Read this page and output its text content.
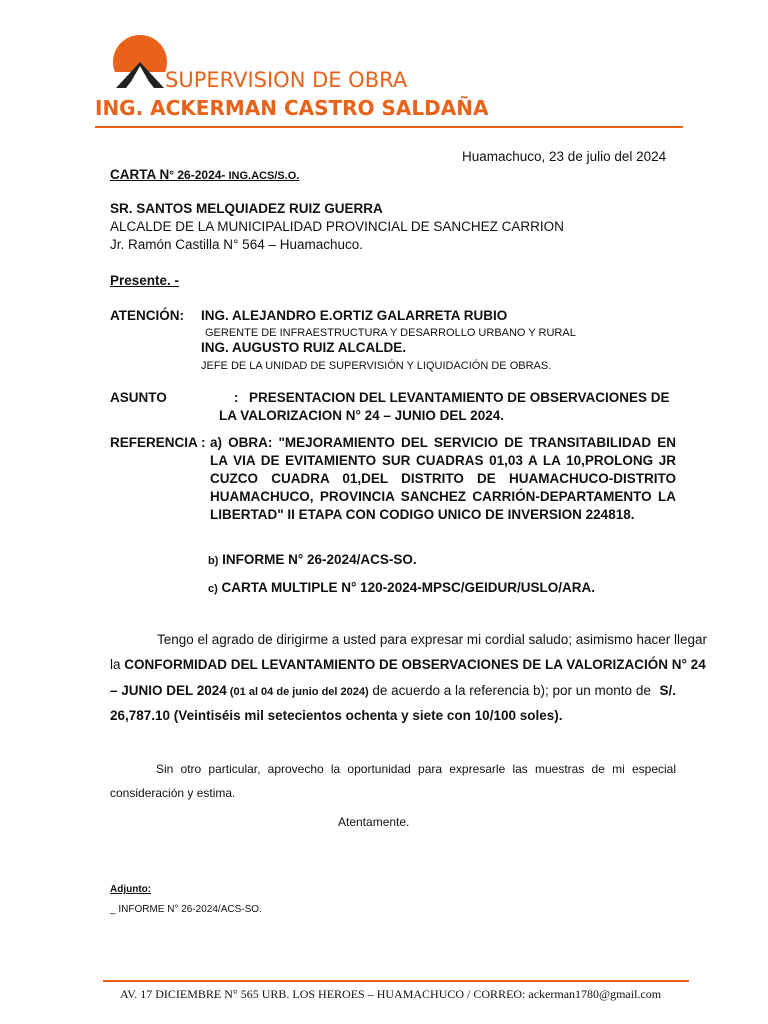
SUPERVISION DE OBRA
ING. ACKERMAN CASTRO SALDAÑA
Huamachuco, 23 de julio del 2024
CARTA N° 26-2024- ING.ACS/S.O.
SR. SANTOS MELQUIADEZ RUIZ GUERRA
ALCALDE DE LA MUNICIPALIDAD PROVINCIAL DE SANCHEZ CARRION
Jr. Ramón Castilla N° 564 – Huamachuco.
Presente. -
ATENCIÓN: ING. ALEJANDRO E.ORTIZ GALARRETA RUBIO
GERENTE DE INFRAESTRUCTURA Y DESARROLLO URBANO Y RURAL
ING. AUGUSTO RUIZ ALCALDE.
JEFE DE LA UNIDAD DE SUPERVISIÓN Y LIQUIDACIÓN DE OBRAS.
ASUNTO	: PRESENTACION DEL LEVANTAMIENTO DE OBSERVACIONES DE
LA VALORIZACION N° 24 – JUNIO DEL 2024.
REFERENCIA : a) OBRA: "MEJORAMIENTO DEL SERVICIO DE TRANSITABILIDAD EN LA VIA DE EVITAMIENTO SUR CUADRAS 01,03 A LA 10,PROLONG JR CUZCO CUADRA 01,DEL DISTRITO DE HUAMACHUCO-DISTRITO HUAMACHUCO, PROVINCIA SANCHEZ CARRIÓN-DEPARTAMENTO LA LIBERTAD" II ETAPA CON CODIGO UNICO DE INVERSION 224818.
b) INFORME N° 26-2024/ACS-SO.
c) CARTA MULTIPLE N° 120-2024-MPSC/GEIDUR/USLO/ARA.
Tengo el agrado de dirigirme a usted para expresar mi cordial saludo; asimismo hacer llegar
la CONFORMIDAD DEL LEVANTAMIENTO DE OBSERVACIONES DE LA VALORIZACIÓN N° 24
– JUNIO DEL 2024 (01 al 04 de junio del 2024) de acuerdo a la referencia b); por un monto de S/.
26,787.10 (Veintiséis mil setecientos ochenta y siete con 10/100 soles).
Sin otro particular, aprovecho la oportunidad para expresarle las muestras de mi especial consideración y estima.
Atentamente.
Adjunto:
_ INFORME N° 26-2024/ACS-SO.
AV. 17 DICIEMBRE N° 565 URB. LOS HEROES – HUAMACHUCO / CORREO: ackerman1780@gmail.com
